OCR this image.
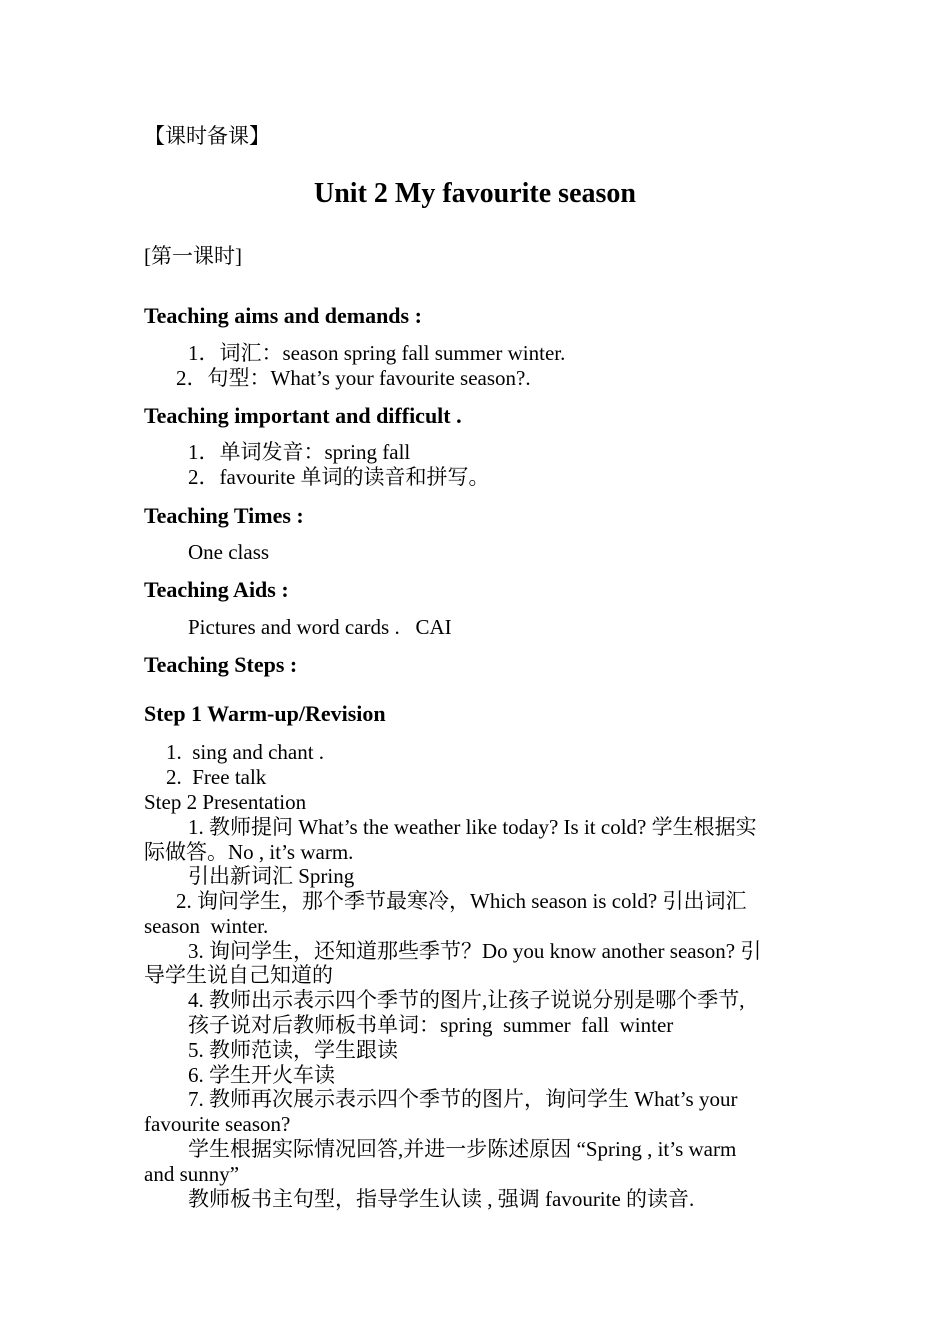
【课时备课】
Unit 2 My favourite season
[第一课时]
Teaching aims and demands :
1．词汇：season spring fall summer winter.
2．句型：What’s your favourite season?.
Teaching important and difficult .
1．单词发音：spring fall
2．favourite 单词的读音和拼写。
Teaching Times :
One class
Teaching Aids :
Pictures and word cards .   CAI
Teaching Steps :
Step 1 Warm-up/Revision
1.  sing and chant .
2.  Free talk
Step 2 Presentation
1. 教师提问 What’s the weather like today? Is it cold? 学生根据实
际做答。No , it’s warm.
引出新词汇 Spring
2. 询问学生，那个季节最寒冷，Which season is cold? 引出词汇
season  winter.
3. 询问学生，还知道那些季节？Do you know another season? 引
导学生说自己知道的
4. 教师出示表示四个季节的图片,让孩子说说分别是哪个季节,
孩子说对后教师板书单词：spring  summer  fall  winter
5. 教师范读，学生跟读
6. 学生开火车读
7. 教师再次展示表示四个季节的图片，询问学生 What’s your
favourite season?
学生根据实际情况回答,并进一步陈述原因 “Spring , it’s warm
and sunny”
教师板书主句型，指导学生认读 , 强调 favourite 的读音.
